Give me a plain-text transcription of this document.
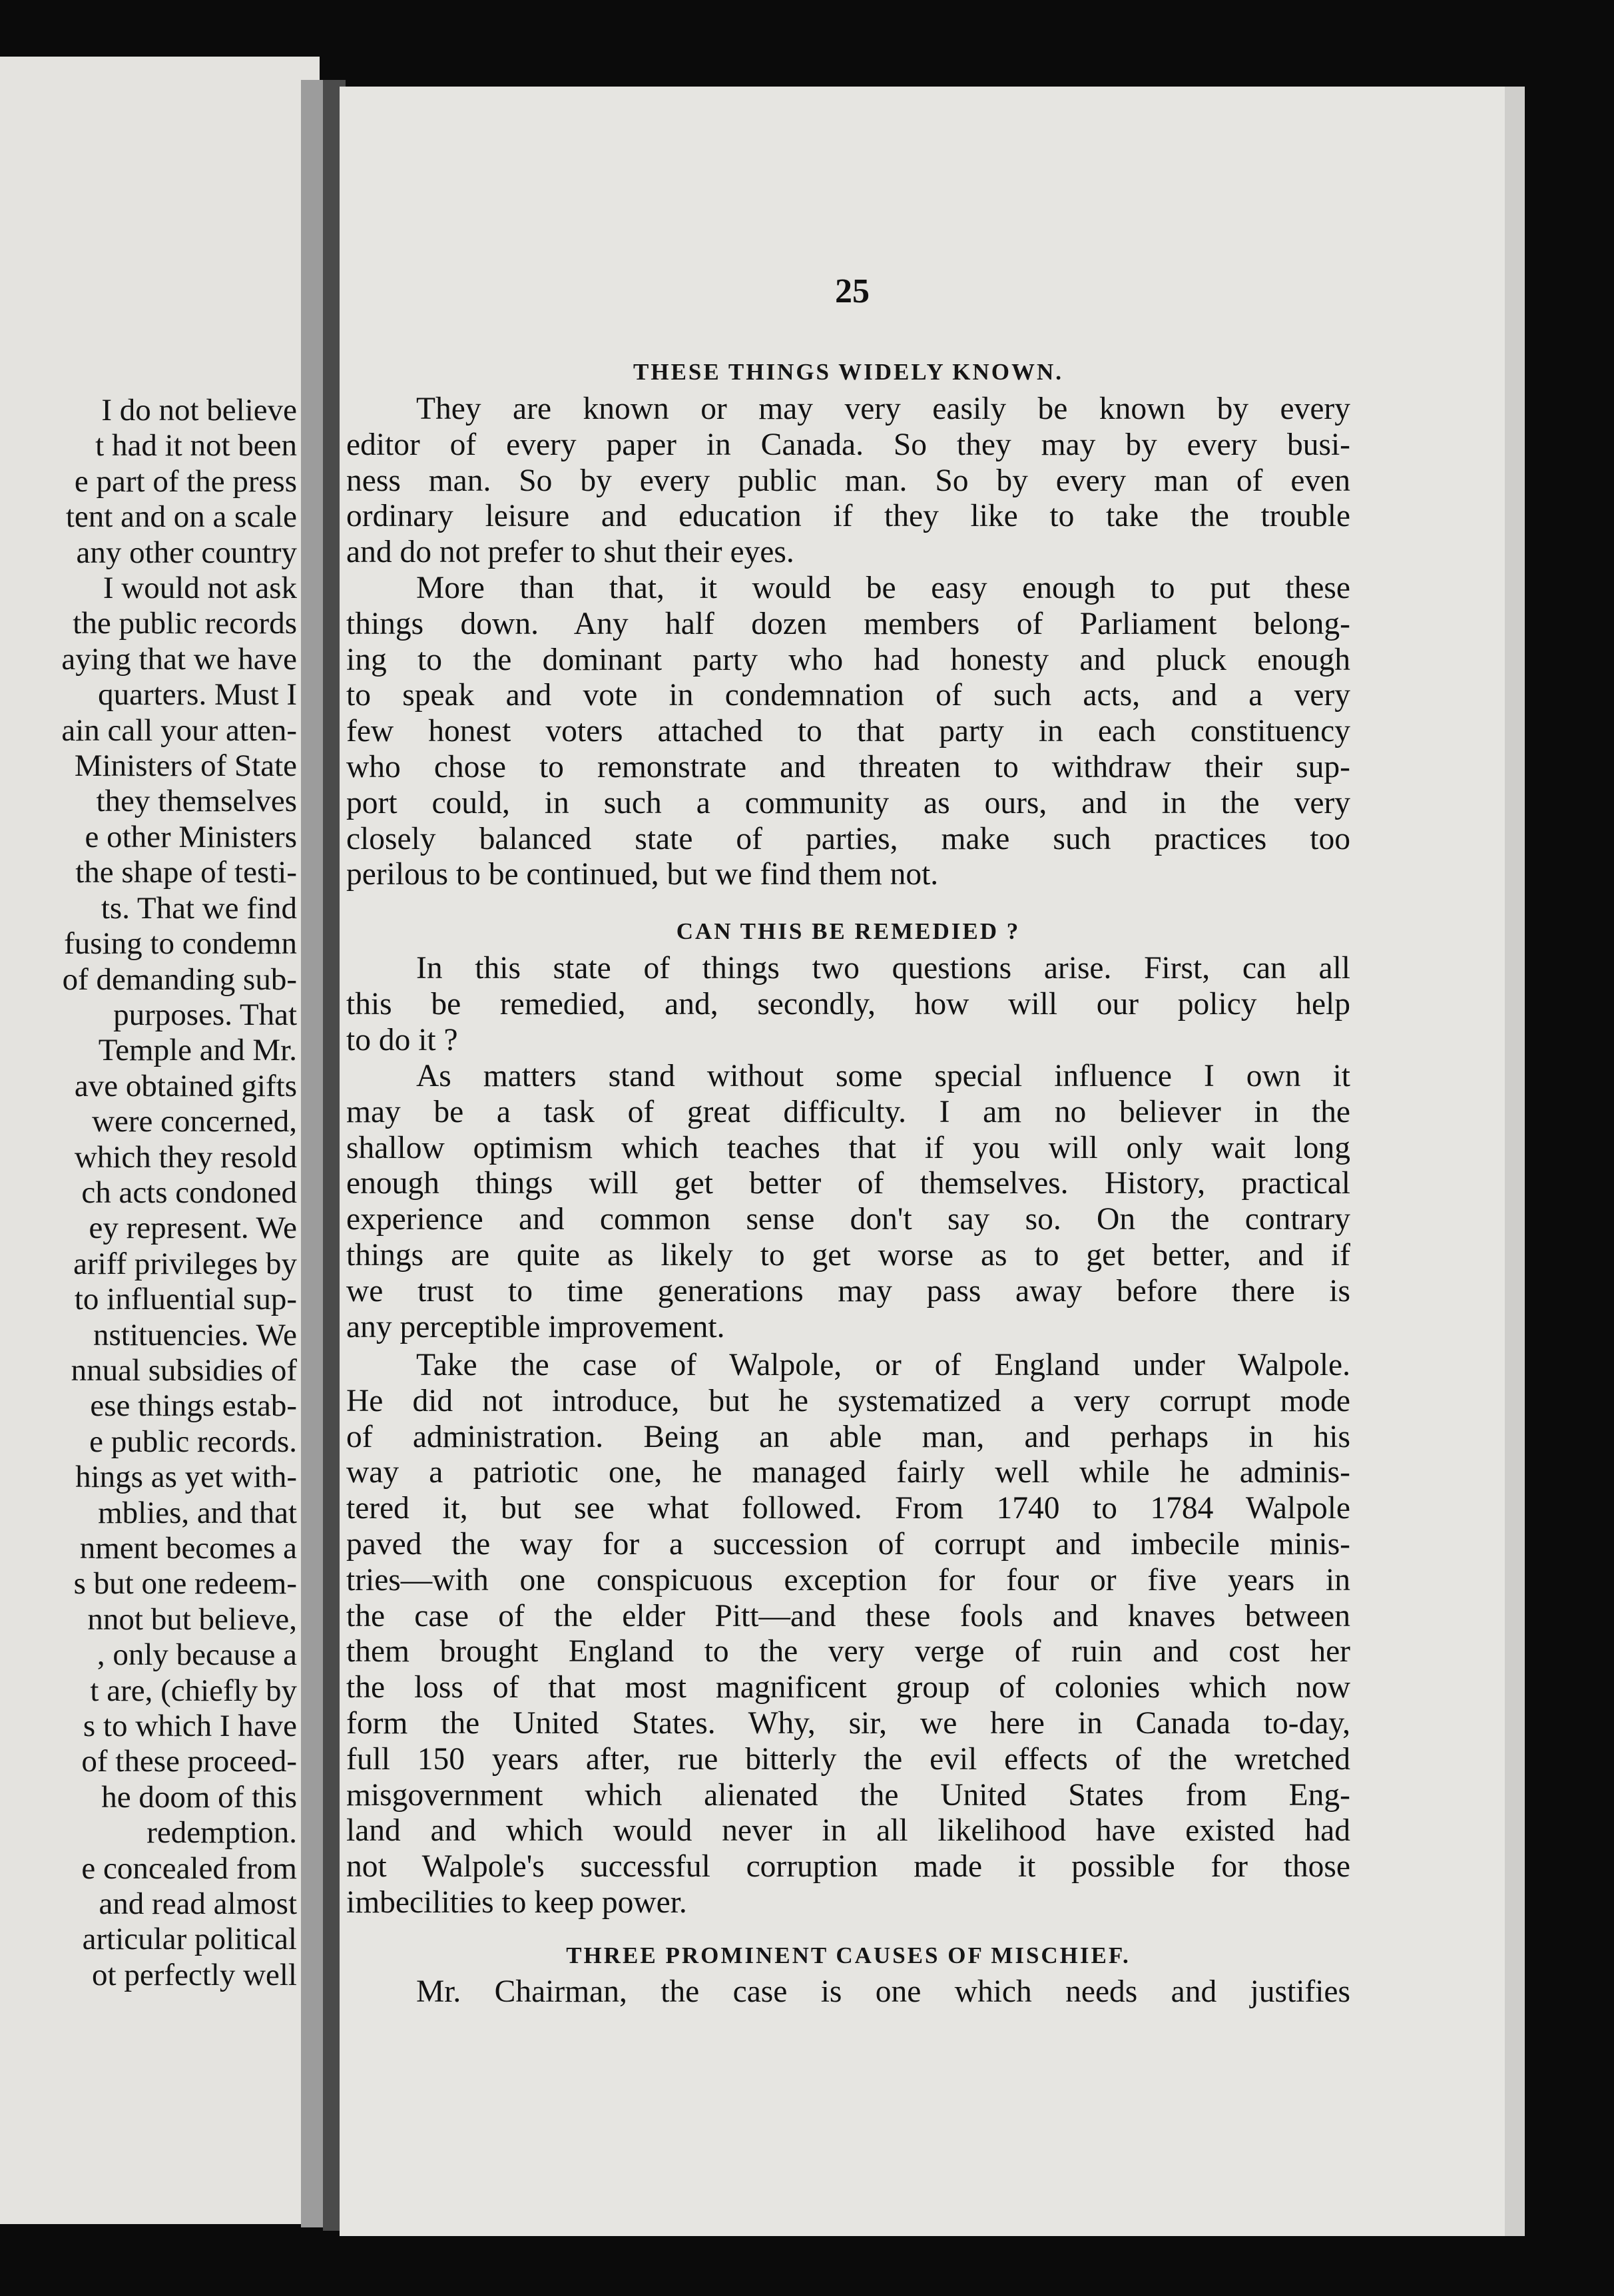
I do not believe
t had it not been
e part of the press
tent and on a scale
any other country
I would not ask
the public records
aying that we have
quarters. Must I
ain call your atten-
Ministers of State
they themselves
e other Ministers
the shape of testi-
ts. That we find
fusing to condemn
of demanding sub-
purposes. That
Temple and Mr.
ave obtained gifts
were concerned,
which they resold
ch acts condoned
ey represent. We
ariff privileges by
to influential sup-
nstituencies. We
nnual subsidies of
ese things estab-
e public records.
hings as yet with-
mblies, and that
nment becomes a
s but one redeem-
nnot but believe,
, only because a
t are, (chiefly by
s to which I have
of these proceed-
he doom of this
redemption.
e concealed from
and read almost
articular political
ot perfectly well
25
THESE THINGS WIDELY KNOWN.
They are known or may very easily be known by every
editor of every paper in Canada. So they may by every busi-
ness man. So by every public man. So by every man of even
ordinary leisure and education if they like to take the trouble
and do not prefer to shut their eyes.
More than that, it would be easy enough to put these
things down. Any half dozen members of Parliament belong-
ing to the dominant party who had honesty and pluck enough
to speak and vote in condemnation of such acts, and a very
few honest voters attached to that party in each constituency
who chose to remonstrate and threaten to withdraw their sup-
port could, in such a community as ours, and in the very
closely balanced state of parties, make such practices too
perilous to be continued, but we find them not.
CAN THIS BE REMEDIED ?
In this state of things two questions arise. First, can all
this be remedied, and, secondly, how will our policy help
to do it ?
As matters stand without some special influence I own it
may be a task of great difficulty. I am no believer in the
shallow optimism which teaches that if you will only wait long
enough things will get better of themselves. History, practical
experience and common sense don't say so. On the contrary
things are quite as likely to get worse as to get better, and if
we trust to time generations may pass away before there is
any perceptible improvement.
Take the case of Walpole, or of England under Walpole.
He did not introduce, but he systematized a very corrupt mode
of administration. Being an able man, and perhaps in his
way a patriotic one, he managed fairly well while he adminis-
tered it, but see what followed. From 1740 to 1784 Walpole
paved the way for a succession of corrupt and imbecile minis-
tries—with one conspicuous exception for four or five years in
the case of the elder Pitt—and these fools and knaves between
them brought England to the very verge of ruin and cost her
the loss of that most magnificent group of colonies which now
form the United States. Why, sir, we here in Canada to-day,
full 150 years after, rue bitterly the evil effects of the wretched
misgovernment which alienated the United States from Eng-
land and which would never in all likelihood have existed had
not Walpole's successful corruption made it possible for those
imbecilities to keep power.
THREE PROMINENT CAUSES OF MISCHIEF.
Mr. Chairman, the case is one which needs and justifies
